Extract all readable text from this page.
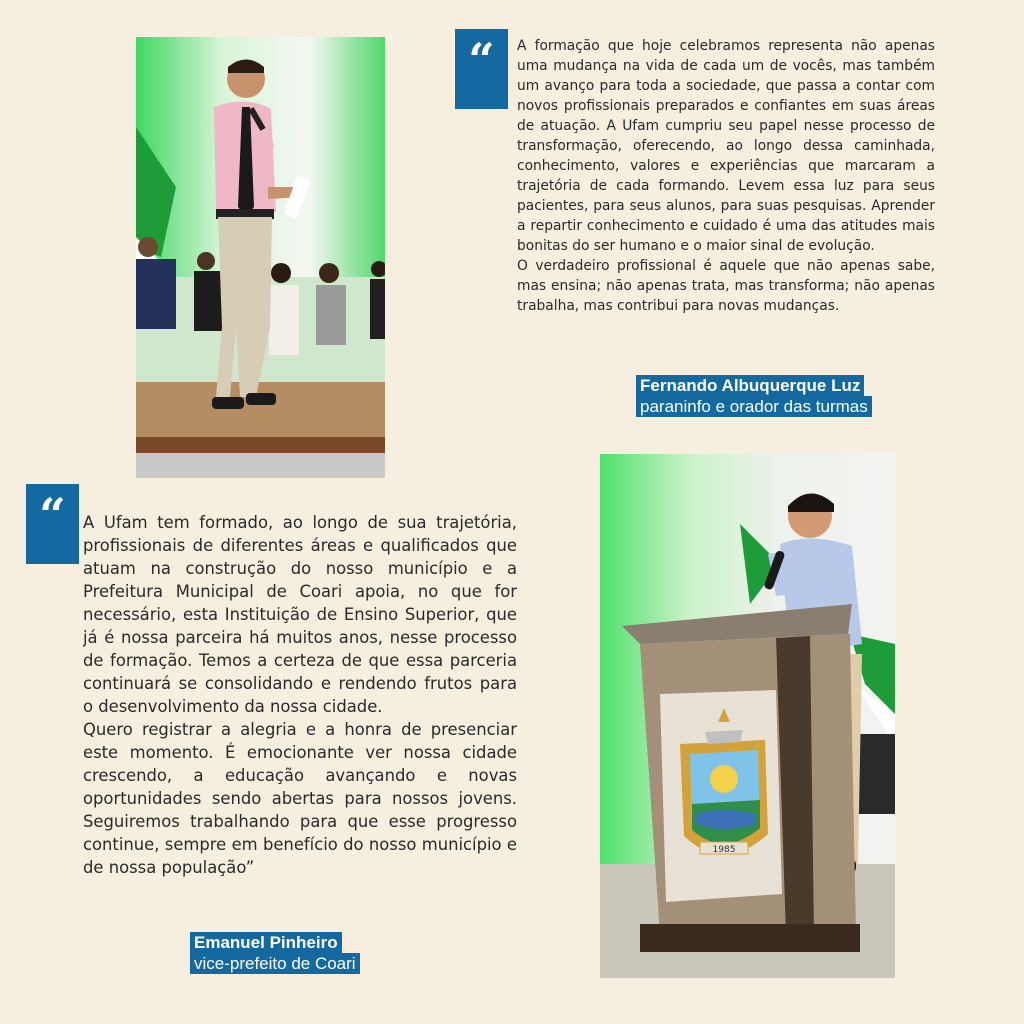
“	A formação que hoje celebramos representa não apenas uma mudança na vida de cada um de vocês, mas também um avanço para toda a sociedade, que passa a contar com novos profissionais preparados e confiantes em suas áreas de atuação. A Ufam cumpriu seu papel nesse processo de transformação, oferecendo, ao longo dessa caminhada, conhecimento, valores e experiências que marcaram a trajetória de cada formando. Levem essa luz para seus pacientes, para seus alunos, para suas pesquisas. Aprender a repartir conhecimento e cuidado é uma das atitudes mais bonitas do ser humano e o maior sinal de evolução.

O verdadeiro profissional é aquele que não apenas sabe, mas ensina; não apenas trata, mas transforma; não apenas trabalha, mas contribui para novas mudanças.

Fernando Albuquerque Luz
paraninfo e orador das turmas
“	A Ufam tem formado, ao longo de sua trajetória, profissionais de diferentes áreas e qualificados que atuam na construção do nosso município e a Prefeitura Municipal de Coari apoia, no que for necessário, esta Instituição de Ensino Superior, que já é nossa parceira há muitos anos, nesse processo de formação. Temos a certeza de que essa parceria continuará se consolidando e rendendo frutos para o desenvolvimento da nossa cidade.

Quero registrar a alegria e a honra de presenciar este momento. É emocionante ver nossa cidade crescendo, a educação avançando e novas oportunidades sendo abertas para nossos jovens. Seguiremos trabalhando para que esse progresso continue, sempre em benefício do nosso município e de nossa população”

Emanuel Pinheiro
vice-prefeito de Coari
1985
